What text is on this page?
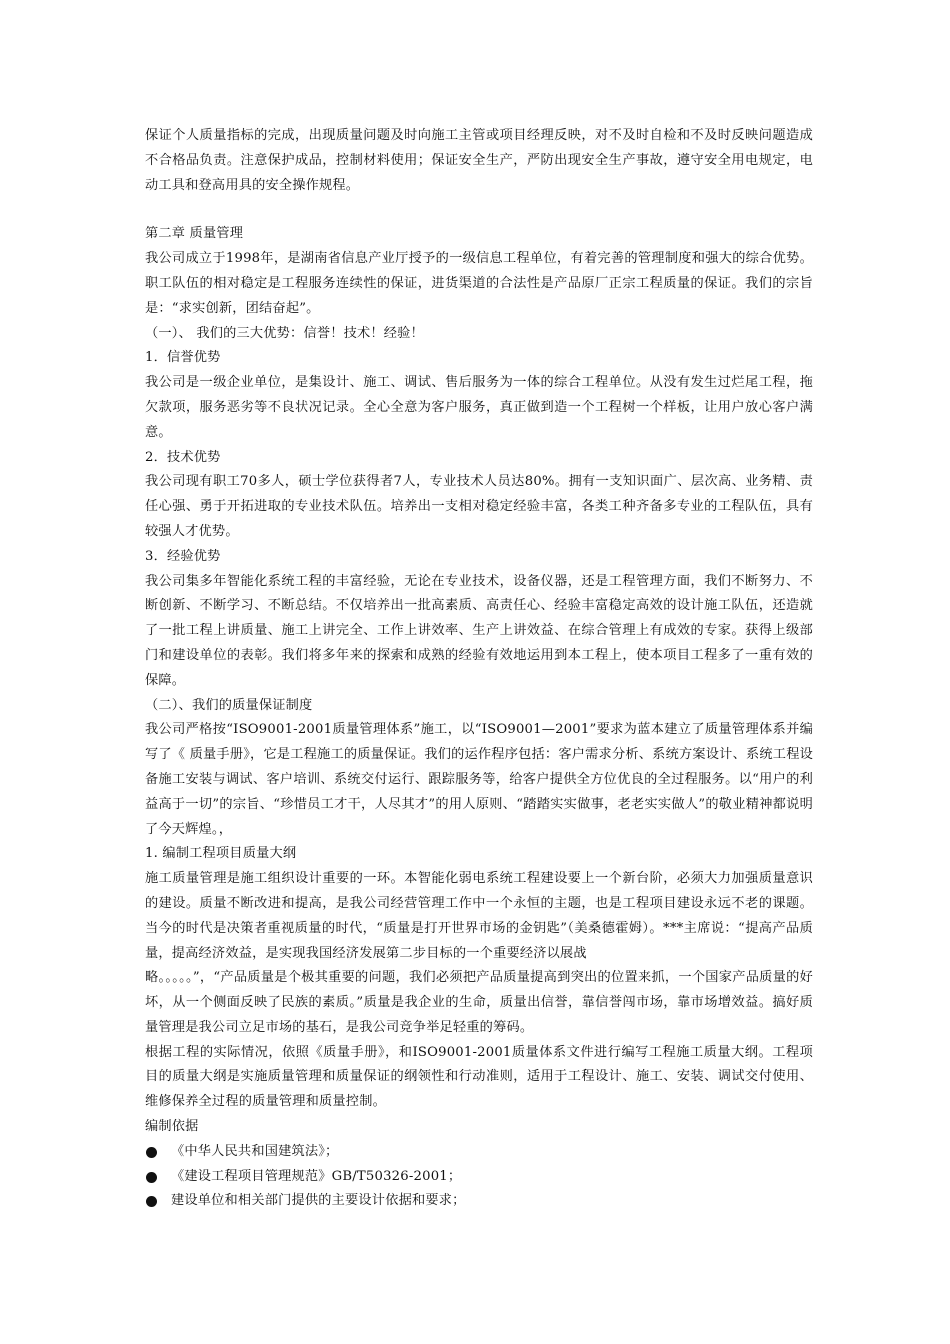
保证个人质量指标的完成，出现质量问题及时向施工主管或项目经理反映，对不及时自检和不及时反映问题造成不合格品负责。注意保护成品，控制材料使用；保证安全生产，严防出现安全生产事故，遵守安全用电规定，电动工具和登高用具的安全操作规程。

第二章 质量管理

我公司成立于1998年，是湖南省信息产业厅授予的一级信息工程单位，有着完善的管理制度和强大的综合优势。职工队伍的相对稳定是工程服务连续性的保证，进货渠道的合法性是产品原厂正宗工程质量的保证。我们的宗旨是：“求实创新，团结奋起”。

（一）、 我们的三大优势：信誉！技术！经验！

1．信誉优势

我公司是一级企业单位，是集设计、施工、调试、售后服务为一体的综合工程单位。从没有发生过烂尾工程，拖欠款项，服务恶劣等不良状况记录。全心全意为客户服务，真正做到造一个工程树一个样板，让用户放心客户满意。

2．技术优势

我公司现有职工70多人，硕士学位获得者7人，专业技术人员达80%。拥有一支知识面广、层次高、业务精、责任心强、勇于开拓进取的专业技术队伍。培养出一支相对稳定经验丰富，各类工种齐备多专业的工程队伍，具有较强人才优势。

3．经验优势

我公司集多年智能化系统工程的丰富经验，无论在专业技术，设备仪器，还是工程管理方面，我们不断努力、不断创新、不断学习、不断总结。不仅培养出一批高素质、高责任心、经验丰富稳定高效的设计施工队伍，还造就了一批工程上讲质量、施工上讲完全、工作上讲效率、生产上讲效益、在综合管理上有成效的专家。获得上级部门和建设单位的表彰。我们将多年来的探索和成熟的经验有效地运用到本工程上，使本项目工程多了一重有效的保障。

（二）、我们的质量保证制度

我公司严格按“ISO9001-2001质量管理体系”施工，以“ISO9001—2001”要求为蓝本建立了质量管理体系并编写了《 质量手册》，它是工程施工的质量保证。我们的运作程序包括：客户需求分析、系统方案设计、系统工程设备施工安装与调试、客户培训、系统交付运行、跟踪服务等，给客户提供全方位优良的全过程服务。以“用户的利益高于一切”的宗旨、“珍惜员工才干，人尽其才”的用人原则、“踏踏实实做事，老老实实做人”的敬业精神都说明了今天辉煌。，

1. 编制工程项目质量大纲

施工质量管理是施工组织设计重要的一环。本智能化弱电系统工程建设要上一个新台阶，必须大力加强质量意识的建设。质量不断改进和提高，是我公司经营管理工作中一个永恒的主题，也是工程项目建设永远不老的课题。当今的时代是决策者重视质量的时代，“质量是打开世界市场的金钥匙”（美桑德霍姆）。***主席说：“提高产品质量，提高经济效益，是实现我国经济发展第二步目标的一个重要经济以展战

略。。。。。”，“产品质量是个极其重要的问题，我们必须把产品质量提高到突出的位置来抓，一个国家产品质量的好坏，从一个侧面反映了民族的素质。”质量是我企业的生命，质量出信誉，靠信誉闯市场，靠市场增效益。搞好质量管理是我公司立足市场的基石，是我公司竞争举足轻重的筹码。

根据工程的实际情况，依照《质量手册》，和ISO9001-2001质量体系文件进行编写工程施工质量大纲。工程项目的质量大纲是实施质量管理和质量保证的纲领性和行动准则，适用于工程设计、施工、安装、调试交付使用、维修保养全过程的质量管理和质量控制。

编制依据

《中华人民共和国建筑法》；

《建设工程项目管理规范》GB/T50326-2001；

建设单位和相关部门提供的主要设计依据和要求；
